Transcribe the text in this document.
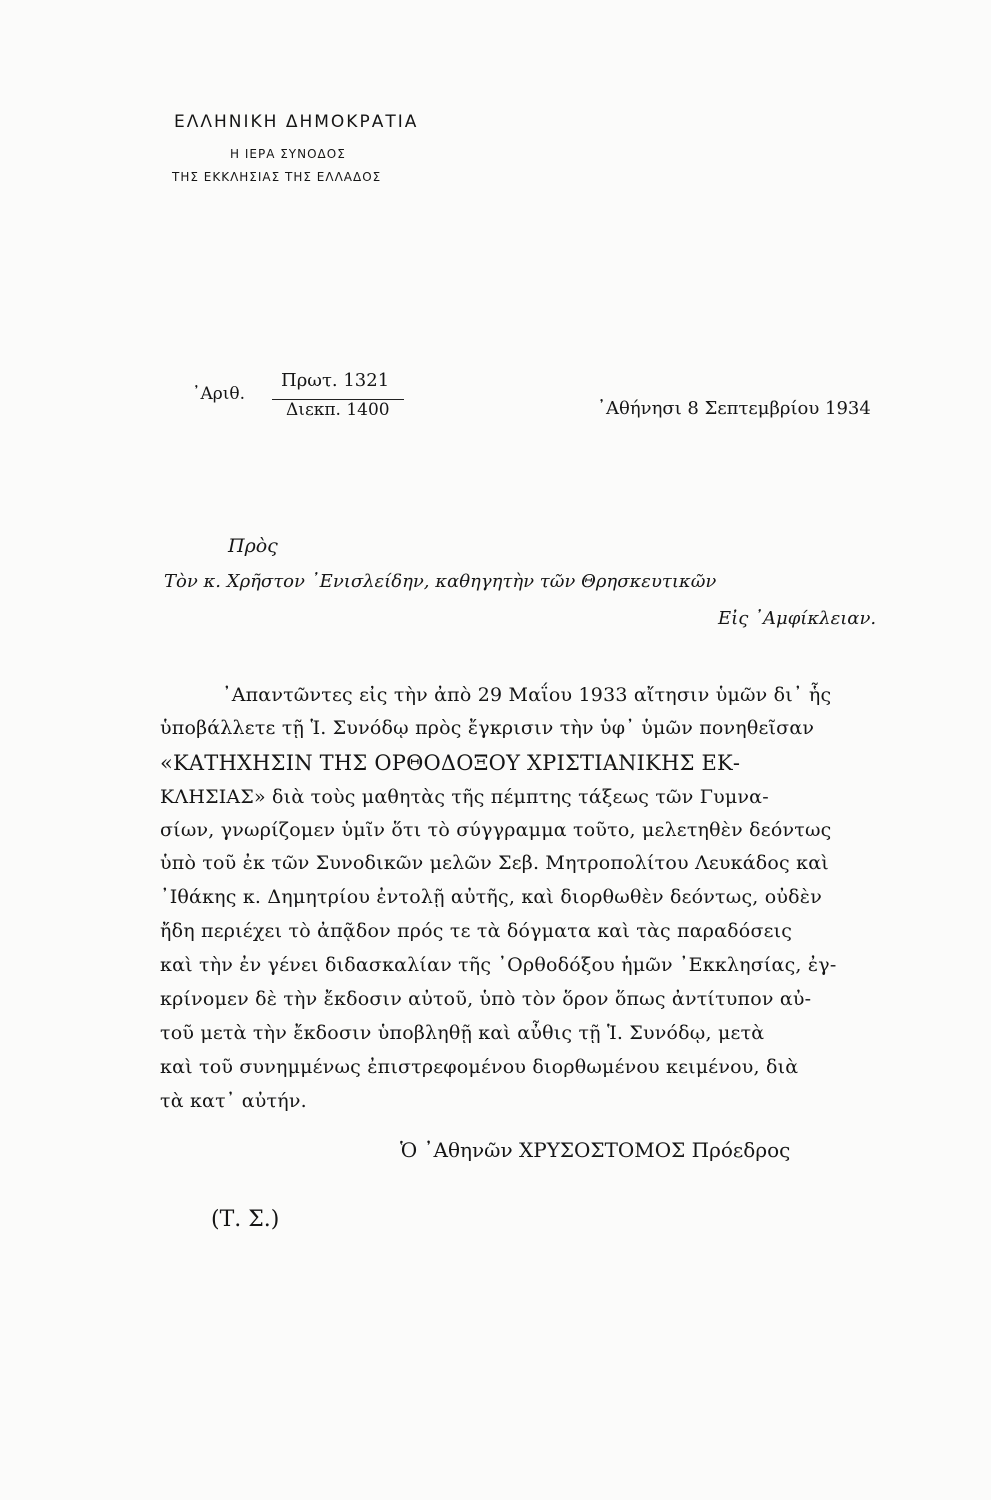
ΕΛΛΗΝΙΚΗ ΔΗΜΟΚΡΑΤΙΑ
Η ΙΕΡΑ ΣΥΝΟΔΟΣ
ΤΗΣ ΕΚΚΛΗΣΙΑΣ ΤΗΣ ΕΛΛΑΔΟΣ
᾿Αριθ.
Πρωτ. 1321
Διεκπ. 1400	᾿Αθήνησι 8 Σεπτεμβρίου 1934
Πρὸς
Τὸν κ. Χρῆστον ᾿Ενισλείδην, καθηγητὴν τῶν Θρησκευτικῶν
Εἰς ᾿Αμφίκλειαν.
᾿Απαντῶντες εἰς τὴν ἀπὸ 29 Μαΐου 1933 αἴτησιν ὑμῶν δι᾿ ἧς
ὑποβάλλετε τῇ Ἱ. Συνόδῳ πρὸς ἔγκρισιν τὴν ὑφ᾿ ὑμῶν πονηθεῖσαν
«ΚΑΤΗΧΗΣΙΝ ΤΗΣ ΟΡΘΟΔΟΞΟΥ ΧΡΙΣΤΙΑΝΙΚΗΣ ΕΚ-
ΚΛΗΣΙΑΣ» διὰ τοὺς μαθητὰς τῆς πέμπτης τάξεως τῶν Γυμνα-
σίων, γνωρίζομεν ὑμῖν ὅτι τὸ σύγγραμμα τοῦτο, μελετηθὲν δεόντως
ὑπὸ τοῦ ἐκ τῶν Συνοδικῶν μελῶν Σεβ. Μητροπολίτου Λευκάδος καὶ
᾿Ιθάκης κ. Δημητρίου ἐντολῇ αὐτῆς, καὶ διορθωθὲν δεόντως, οὐδὲν
ἤδη περιέχει τὸ ἀπᾷδον πρός τε τὰ δόγματα καὶ τὰς παραδόσεις
καὶ τὴν ἐν γένει διδασκαλίαν τῆς ᾿Ορθοδόξου ἡμῶν ᾿Εκκλησίας, ἐγ-
κρίνομεν δὲ τὴν ἔκδοσιν αὐτοῦ, ὑπὸ τὸν ὅρον ὅπως ἀντίτυπον αὐ-
τοῦ μετὰ τὴν ἔκδοσιν ὑποβληθῇ καὶ αὖθις τῇ Ἱ. Συνόδῳ, μετὰ
καὶ τοῦ συνημμένως ἐπιστρεφομένου διορθωμένου κειμένου, διὰ
τὰ κατ᾿ αὐτήν.
Ὁ ᾿Αθηνῶν ΧΡΥΣΟΣΤΟΜΟΣ Πρόεδρος
(Τ. Σ.)
